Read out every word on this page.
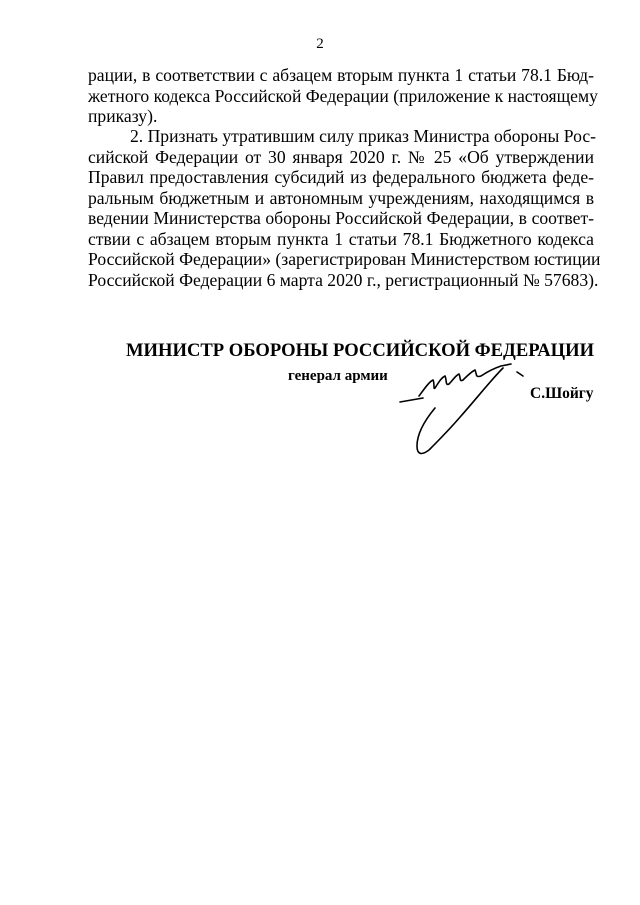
2
рации, в соответствии с абзацем вторым пункта 1 статьи 78.1 Бюд-
жетного кодекса Российской Федерации (приложение к настоящему
приказу).
2. Признать утратившим силу приказ Министра обороны Рос-
сийской Федерации от 30 января 2020 г. № 25 «Об утверждении
Правил предоставления субсидий из федерального бюджета феде-
ральным бюджетным и автономным учреждениям, находящимся в
ведении Министерства обороны Российской Федерации, в соответ-
ствии с абзацем вторым пункта 1 статьи 78.1 Бюджетного кодекса
Российской Федерации» (зарегистрирован Министерством юстиции
Российской Федерации 6 марта 2020 г., регистрационный № 57683).
МИНИСТР ОБОРОНЫ РОССИЙСКОЙ ФЕДЕРАЦИИ
генерал армии
С.Шойгу
